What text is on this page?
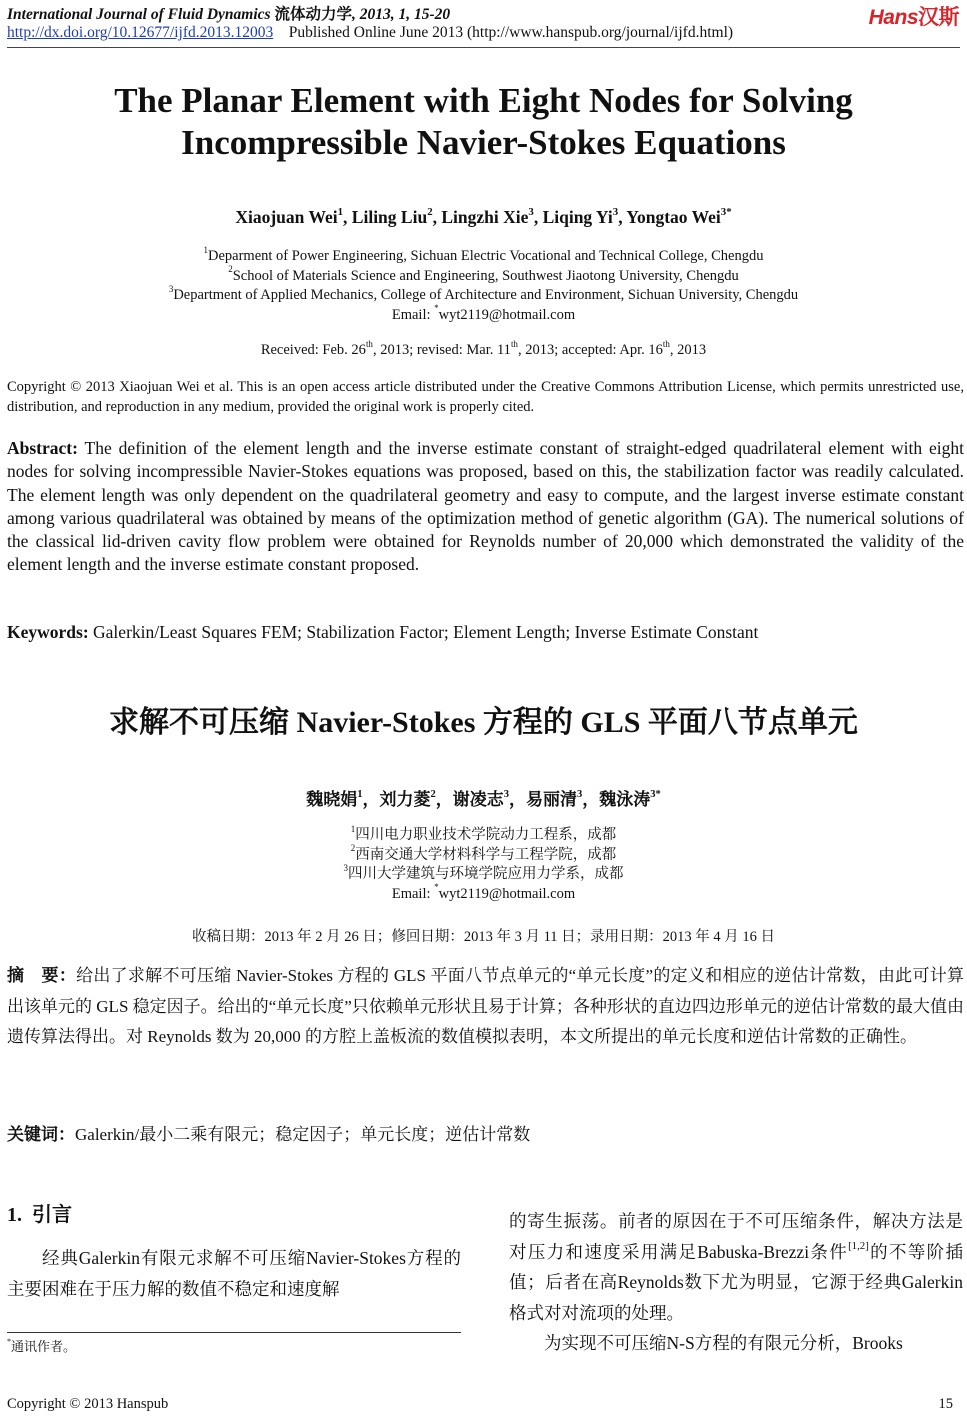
International Journal of Fluid Dynamics 流体动力学, 2013, 1, 15-20
http://dx.doi.org/10.12677/ijfd.2013.12003 Published Online June 2013 (http://www.hanspub.org/journal/ijfd.html)
Hans汉斯
The Planar Element with Eight Nodes for Solving
Incompressible Navier-Stokes Equations
Xiaojuan Wei$^1$, Liling Liu$^2$, Lingzhi Xie$^3$, Liqing Yi$^3$, Yongtao Wei$^{3*}$
$^1$Deparment of Power Engineering, Sichuan Electric Vocational and Technical College, Chengdu
$^2$School of Materials Science and Engineering, Southwest Jiaotong University, Chengdu
$^3$Department of Applied Mechanics, College of Architecture and Environment, Sichuan University, Chengdu
Email: *wyt2119@hotmail.com
Received: Feb. 26th, 2013; revised: Mar. 11th, 2013; accepted: Apr. 16th, 2013
Copyright © 2013 Xiaojuan Wei et al. This is an open access article distributed under the Creative Commons Attribution License, which permits unrestricted use, distribution, and reproduction in any medium, provided the original work is properly cited.
Abstract: The definition of the element length and the inverse estimate constant of straight-edged quadrilateral element with eight nodes for solving incompressible Navier-Stokes equations was proposed, based on this, the stabilization factor was readily calculated. The element length was only dependent on the quadrilateral geometry and easy to compute, and the largest inverse estimate constant among various quadrilateral was obtained by means of the optimization method of genetic algorithm (GA). The numerical solutions of the classical lid-driven cavity flow problem were obtained for Reynolds number of 20,000 which demonstrated the validity of the element length and the inverse estimate constant proposed.
Keywords: Galerkin/Least Squares FEM; Stabilization Factor; Element Length; Inverse Estimate Constant
求解不可压缩 Navier-Stokes 方程的 GLS 平面八节点单元
魏晓娟$^1$，刘力菱$^2$，谢凌志$^3$，易丽清$^3$，魏泳涛$^{3*}$
$^1$四川电力职业技术学院动力工程系，成都
$^2$西南交通大学材料科学与工程学院，成都
$^3$四川大学建筑与环境学院应用力学系，成都
Email: *wyt2119@hotmail.com
收稿日期：2013 年 2 月 26 日；修回日期：2013 年 3 月 11 日；录用日期：2013 年 4 月 16 日
摘　要：给出了求解不可压缩 Navier-Stokes 方程的 GLS 平面八节点单元的“单元长度”的定义和相应的逆估计常数，由此可计算出该单元的 GLS 稳定因子。给出的“单元长度”只依赖单元形状且易于计算；各种形状的直边四边形单元的逆估计常数的最大值由遗传算法得出。对 Reynolds 数为 20,000 的方腔上盖板流的数值模拟表明，本文所提出的单元长度和逆估计常数的正确性。
关键词：Galerkin/最小二乘有限元；稳定因子；单元长度；逆估计常数
1. 引言

经典Galerkin有限元求解不可压缩Navier-Stokes方程的主要困难在于压力解的数值不稳定和速度解

的寄生振荡。前者的原因在于不可压缩条件，解决方法是对压力和速度采用满足Babuska-Brezzi条件[1,2]的不等阶插值；后者在高Reynolds数下尤为明显，它源于经典Galerkin格式对对流项的处理。

为实现不可压缩N-S方程的有限元分析，Brooks

*通讯作者。
Copyright © 2013 Hanspub	15
